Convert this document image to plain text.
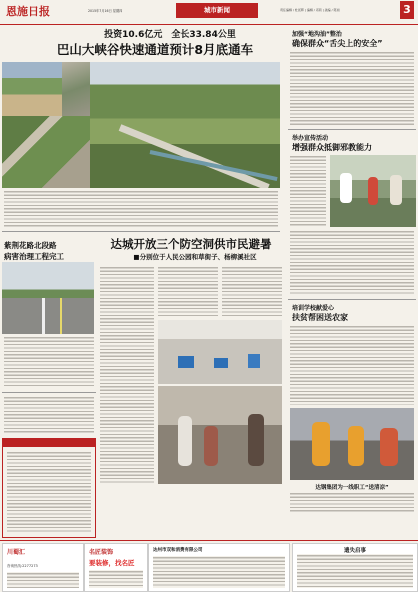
恩施日报	2015年7月16日 星期四	城市新闻	责任编辑 / 杜延辉 | 编辑 / 邓莉 | 美编 / 陈旭	3
投资10.6亿元　全长33.84公里
巴山大峡谷快速通道预计8月底通车
加强“地沟油”整治
确保群众“舌尖上的安全”
举办宣传活动
增强群众抵御邪教能力
紫荆花路北段路
病害治理工程完工
达城开放三个防空洞供市民避暑
■分别位于人民公园和草街子、杨柳溪社区
培训学校献爱心
扶贫帮困送农家
达钢集团为一线职工“送清凉”
川蜀汇
咨询热线:2277273
名匠装饰
要装修，找名匠
达州市双和消费有限公司	遗失启事
